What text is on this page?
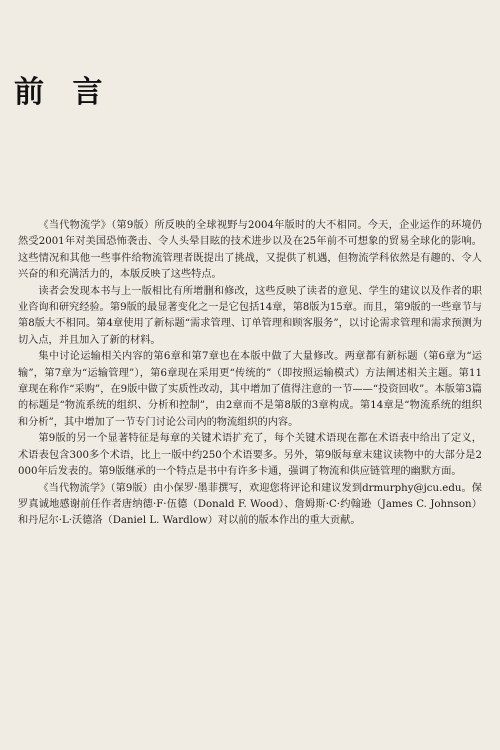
前 言

《当代物流学》（第9版）所反映的全球视野与2004年版时的大不相同。今天，企业运作的环境仍然受2001年对美国恐怖袭击、令人头晕目眩的技术进步以及在25年前不可想象的贸易全球化的影响。这些情况和其他一些事件给物流管理者既提出了挑战，又提供了机遇，但物流学科依然是有趣的、令人兴奋的和充满活力的，本版反映了这些特点。

读者会发现本书与上一版相比有所增删和修改，这些反映了读者的意见、学生的建议以及作者的职业咨询和研究经验。第9版的最显著变化之一是它包括14章，第8版为15章。而且，第9版的一些章节与第8版大不相同。第4章使用了新标题“需求管理、订单管理和顾客服务”，以讨论需求管理和需求预测为切入点，并且加入了新的材料。

集中讨论运输相关内容的第6章和第7章也在本版中做了大量修改。两章都有新标题（第6章为“运输”，第7章为“运输管理”），第6章现在采用更“传统的”（即按照运输模式）方法阐述相关主题。第11章现在称作“采购”，在9版中做了实质性改动，其中增加了值得注意的一节——“投资回收”。本版第3篇的标题是“物流系统的组织、分析和控制”，由2章而不是第8版的3章构成。第14章是“物流系统的组织和分析”，其中增加了一节专门讨论公司内的物流组织的内容。

第9版的另一个显著特征是每章的关键术语扩充了，每个关键术语现在都在术语表中给出了定义，术语表包含300多个术语，比上一版中约250个术语要多。另外，第9版每章末建议读物中的大部分是2000年后发表的。第9版继承的一个特点是书中有许多卡通，强调了物流和供应链管理的幽默方面。

《当代物流学》（第9版）由小保罗·墨菲撰写，欢迎您将评论和建议发到drmurphy@jcu.edu。保罗真诚地感谢前任作者唐纳德·F·伍德（Donald F. Wood）、詹姆斯·C·约翰逊（James C. Johnson）和丹尼尔·L·沃德洛（Daniel L. Wardlow）对以前的版本作出的重大贡献。
